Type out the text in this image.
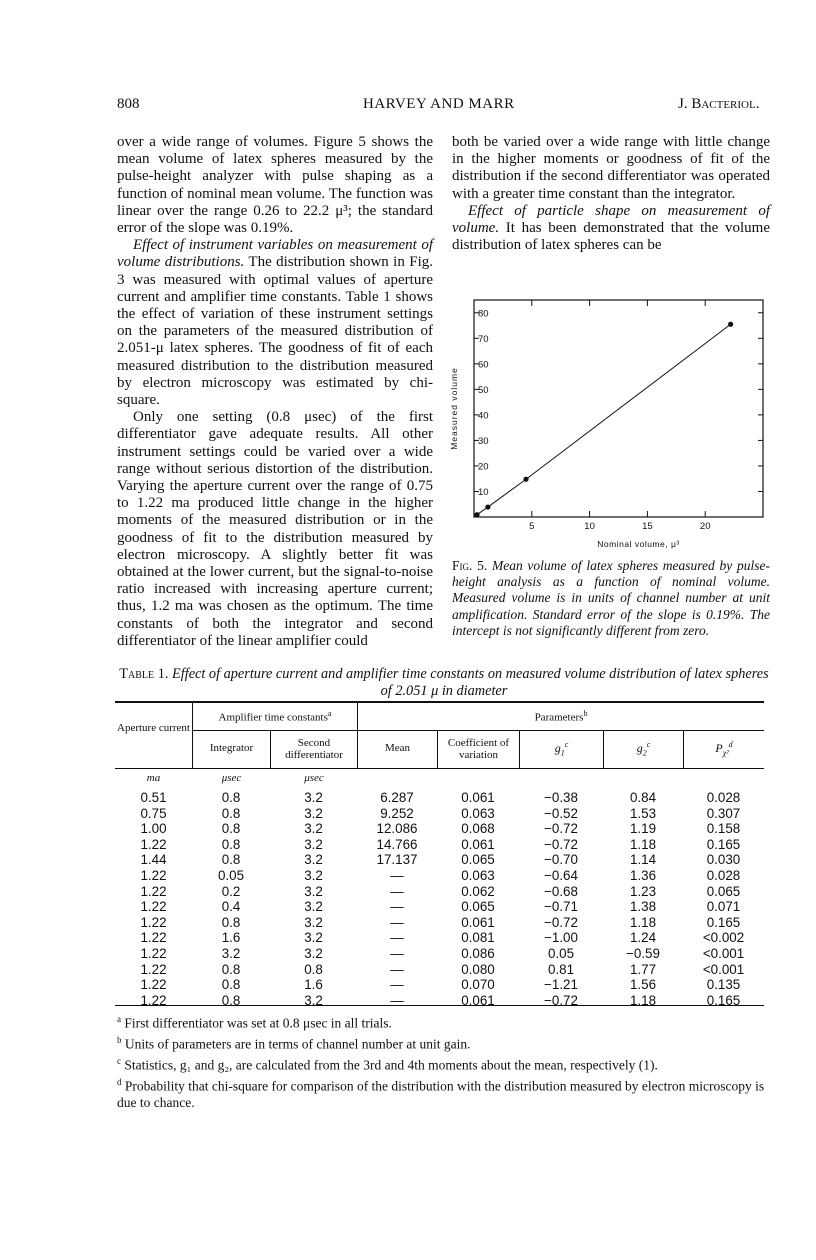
808	HARVEY AND MARR	J. Bacteriol.

over a wide range of volumes. Figure 5 shows the mean volume of latex spheres measured by the pulse-height analyzer with pulse shaping as a function of nominal mean volume. The function was linear over the range 0.26 to 22.2 μ³; the standard error of the slope was 0.19%.

Effect of instrument variables on measurement of volume distributions. The distribution shown in Fig. 3 was measured with optimal values of aperture current and amplifier time constants. Table 1 shows the effect of variation of these instrument settings on the parameters of the measured distribution of 2.051-μ latex spheres. The goodness of fit of each measured distribution to the distribution measured by electron microscopy was estimated by chi-square.

Only one setting (0.8 μsec) of the first differentiator gave adequate results. All other instrument settings could be varied over a wide range without serious distortion of the distribution. Varying the aperture current over the range of 0.75 to 1.22 ma produced little change in the higher moments of the measured distribution or in the goodness of fit to the distribution measured by electron microscopy. A slightly better fit was obtained at the lower current, but the signal-to-noise ratio increased with increasing aperture current; thus, 1.2 ma was chosen as the optimum. The time constants of both the integrator and second differentiator of the linear amplifier could

both be varied over a wide range with little change in the higher moments or goodness of fit of the distribution if the second differentiator was operated with a greater time constant than the integrator.

Effect of particle shape on measurement of volume. It has been demonstrated that the volume distribution of latex spheres can be

10
20
30
40
50
60
70
80
5	10	15	20
Measured volume
Nominal volume, μ³
Fig. 5. Mean volume of latex spheres measured by pulse-height analysis as a function of nominal volume. Measured volume is in units of channel number at unit amplification. Standard error of the slope is 0.19%. The intercept is not significantly different from zero.
Table 1. Effect of aperture current and amplifier time constants on measured volume distribution of latex spheres of 2.051 μ in diameter
Aperture current
Amplifier time constants$^a$	Parameters$^b$
Integrator	Second differentiator
Mean	Coefficient of variation	$g_1^c$	$g_2^c$	$P_{\chi^2}^d$
ma	μsec	μsec
0.51	0.8	3.2	6.287	0.061	−0.38	0.84	0.028
0.75	0.8	3.2	9.252	0.063	−0.52	1.53	0.307
1.00	0.8	3.2	12.086	0.068	−0.72	1.19	0.158
1.22	0.8	3.2	14.766	0.061	−0.72	1.18	0.165
1.44	0.8	3.2	17.137	0.065	−0.70	1.14	0.030
1.22	0.05	3.2	—	0.063	−0.64	1.36	0.028
1.22	0.2	3.2	—	0.062	−0.68	1.23	0.065
1.22	0.4	3.2	—	0.065	−0.71	1.38	0.071
1.22	0.8	3.2	—	0.061	−0.72	1.18	0.165
1.22	1.6	3.2	—	0.081	−1.00	1.24	<0.002
1.22	3.2	3.2	—	0.086	0.05	−0.59	<0.001
1.22	0.8	0.8	—	0.080	0.81	1.77	<0.001
1.22	0.8	1.6	—	0.070	−1.21	1.56	0.135
1.22	0.8	3.2	—	0.061	−0.72	1.18	0.165

$^a$ First differentiator was set at 0.8 μsec in all trials.

$^b$ Units of parameters are in terms of channel number at unit gain.

$^c$ Statistics, g₁ and g₂, are calculated from the 3rd and 4th moments about the mean, respectively (1).

$^d$ Probability that chi-square for comparison of the distribution with the distribution measured by electron microscopy is due to chance.
